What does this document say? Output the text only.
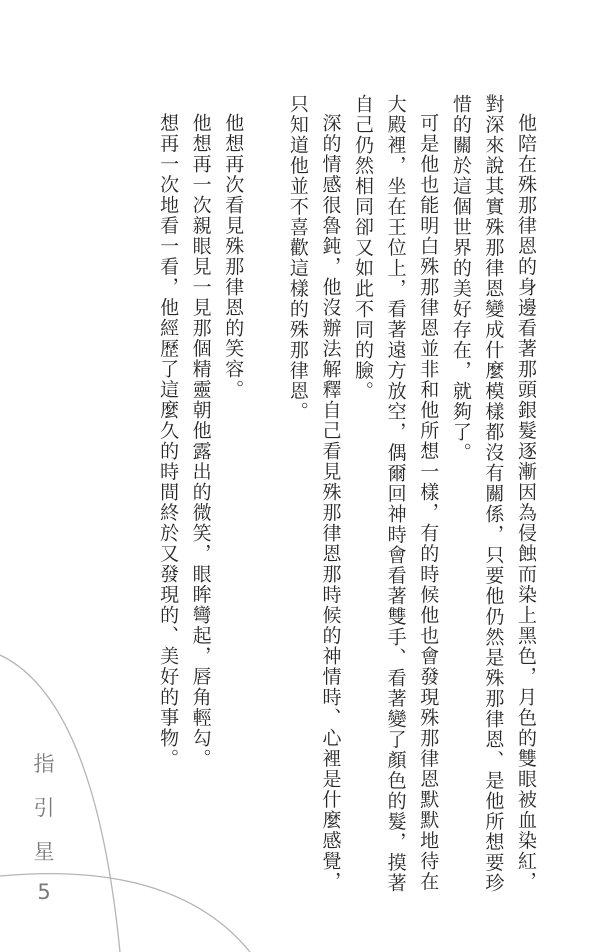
他陪在殊那律恩的身邊看著那頭銀髮逐漸因為侵蝕而染上黑色，月色的雙眼被血染紅，對深來說其實殊那律恩變成什麼模樣都沒有關係，只要他仍然是殊那律恩、是他所想要珍惜的關於這個世界的美好存在，就夠了。

可是他也能明白殊那律恩並非和他所想一樣，有的時候他也會發現殊那律恩默默地待在大殿裡，坐在王位上，看著遠方放空，偶爾回神時會看著雙手、看著變了顏色的髮，摸著自己仍然相同卻又如此不同的臉。

深的情感很魯鈍，他沒辦法解釋自己看見殊那律恩那時候的神情時、心裡是什麼感覺，只知道他並不喜歡這樣的殊那律恩。

他想再次看見殊那律恩的笑容。

他想再一次親眼見一見那個精靈朝他露出的微笑，眼眸彎起，唇角輕勾。

想再一次地看一看，他經歷了這麼久的時間終於又發現的、美好的事物。

指
引
星
5
